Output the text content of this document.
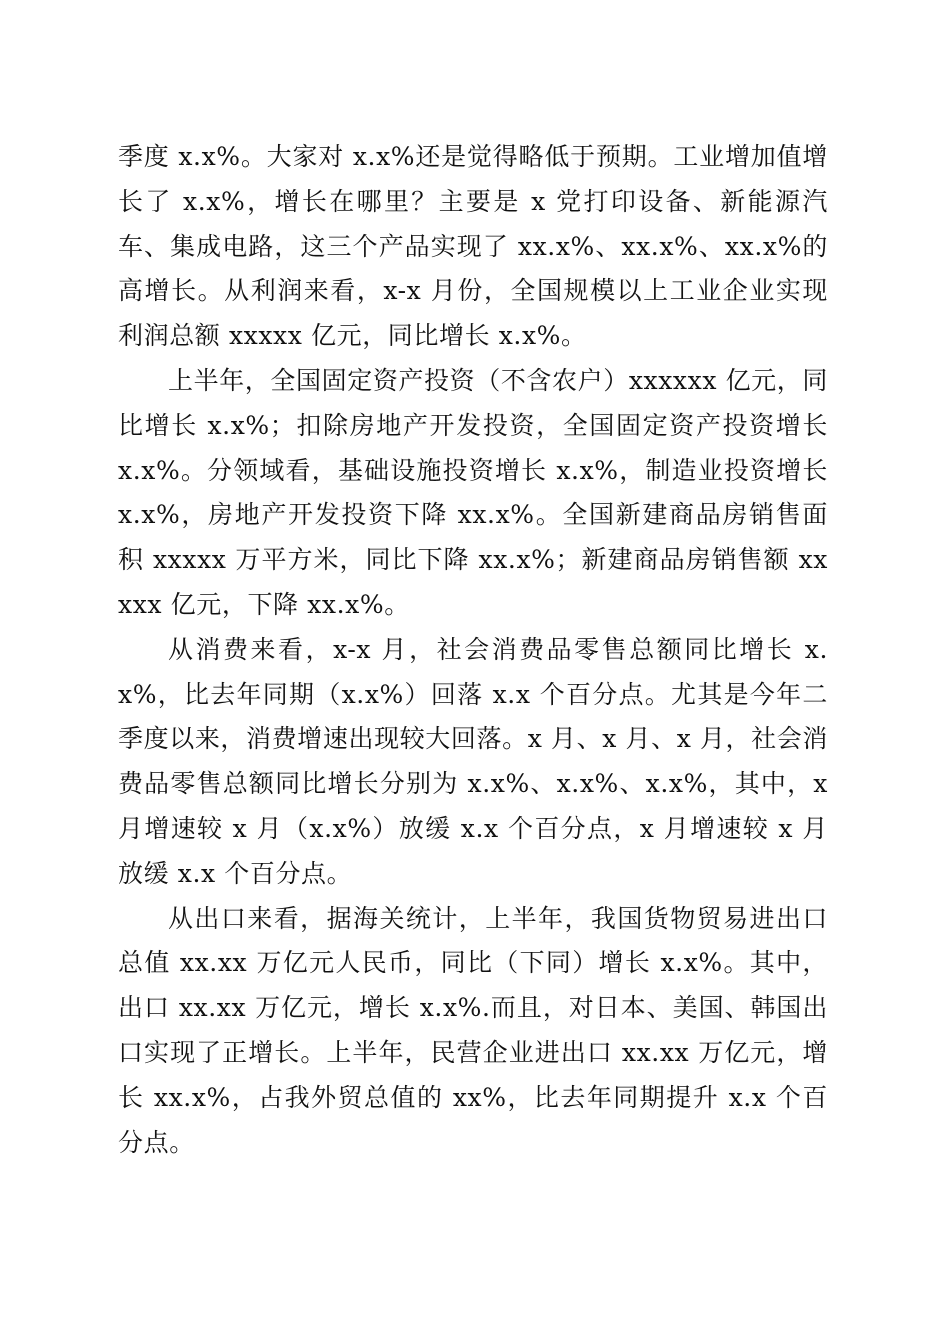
季度 x.x%。大家对 x.x%还是觉得略低于预期。工业增加值增长了 x.x%，增长在哪里？主要是 x 党打印设备、新能源汽车、集成电路，这三个产品实现了 xx.x%、xx.x%、xx.x%的高增长。从利润来看，x-x 月份，全国规模以上工业企业实现利润总额 xxxxx 亿元，同比增长 x.x%。

上半年，全国固定资产投资（不含农户）xxxxxx 亿元，同比增长 x.x%；扣除房地产开发投资，全国固定资产投资增长 x.x%。分领域看，基础设施投资增长 x.x%，制造业投资增长 x.x%，房地产开发投资下降 xx.x%。全国新建商品房销售面积 xxxxx 万平方米，同比下降 xx.x%；新建商品房销售额 xxxxx 亿元，下降 xx.x%。

从消费来看，x-x 月，社会消费品零售总额同比增长 x.x%，比去年同期（x.x%）回落 x.x 个百分点。尤其是今年二季度以来，消费增速出现较大回落。x 月、x 月、x 月，社会消费品零售总额同比增长分别为 x.x%、x.x%、x.x%，其中，x 月增速较 x 月（x.x%）放缓 x.x 个百分点，x 月增速较 x 月放缓 x.x 个百分点。

从出口来看，据海关统计，上半年，我国货物贸易进出口总值 xx.xx 万亿元人民币，同比（下同）增长 x.x%。其中，出口 xx.xx 万亿元，增长 x.x%.而且，对日本、美国、韩国出口实现了正增长。上半年，民营企业进出口 xx.xx 万亿元，增长 xx.x%，占我外贸总值的 xx%，比去年同期提升 x.x 个百分点。
